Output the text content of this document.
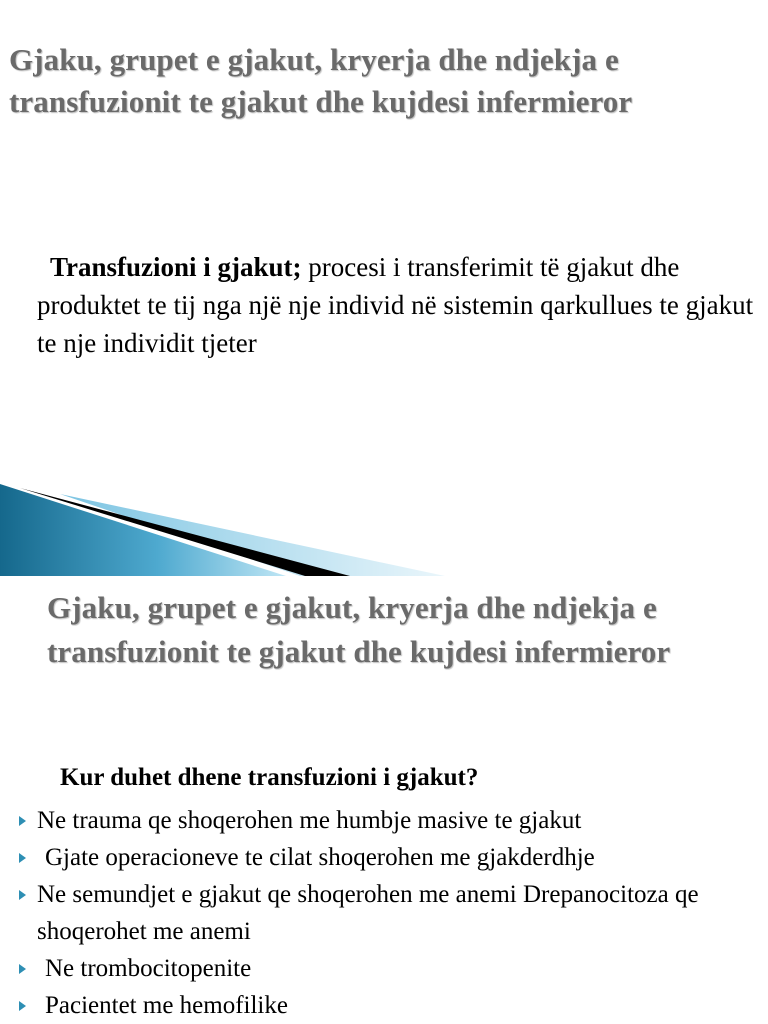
Gjaku, grupet e gjakut, kryerja dhe ndjekja e transfuzionit te gjakut dhe kujdesi infermieror
Transfuzioni i gjakut; procesi i transferimit të gjakut dhe produktet te tij nga një nje individ në sistemin qarkullues te gjakut te nje individit tjeter
Gjaku, grupet e gjakut, kryerja dhe ndjekja e transfuzionit te gjakut dhe kujdesi infermieror
Kur duhet dhene transfuzioni i gjakut?
Ne trauma qe shoqerohen me humbje masive te gjakut
Gjate operacioneve te cilat shoqerohen me gjakderdhje
Ne semundjet e gjakut qe shoqerohen me anemi Drepanocitoza qe shoqerohet me anemi
Ne trombocitopenite
Pacientet me hemofilike
